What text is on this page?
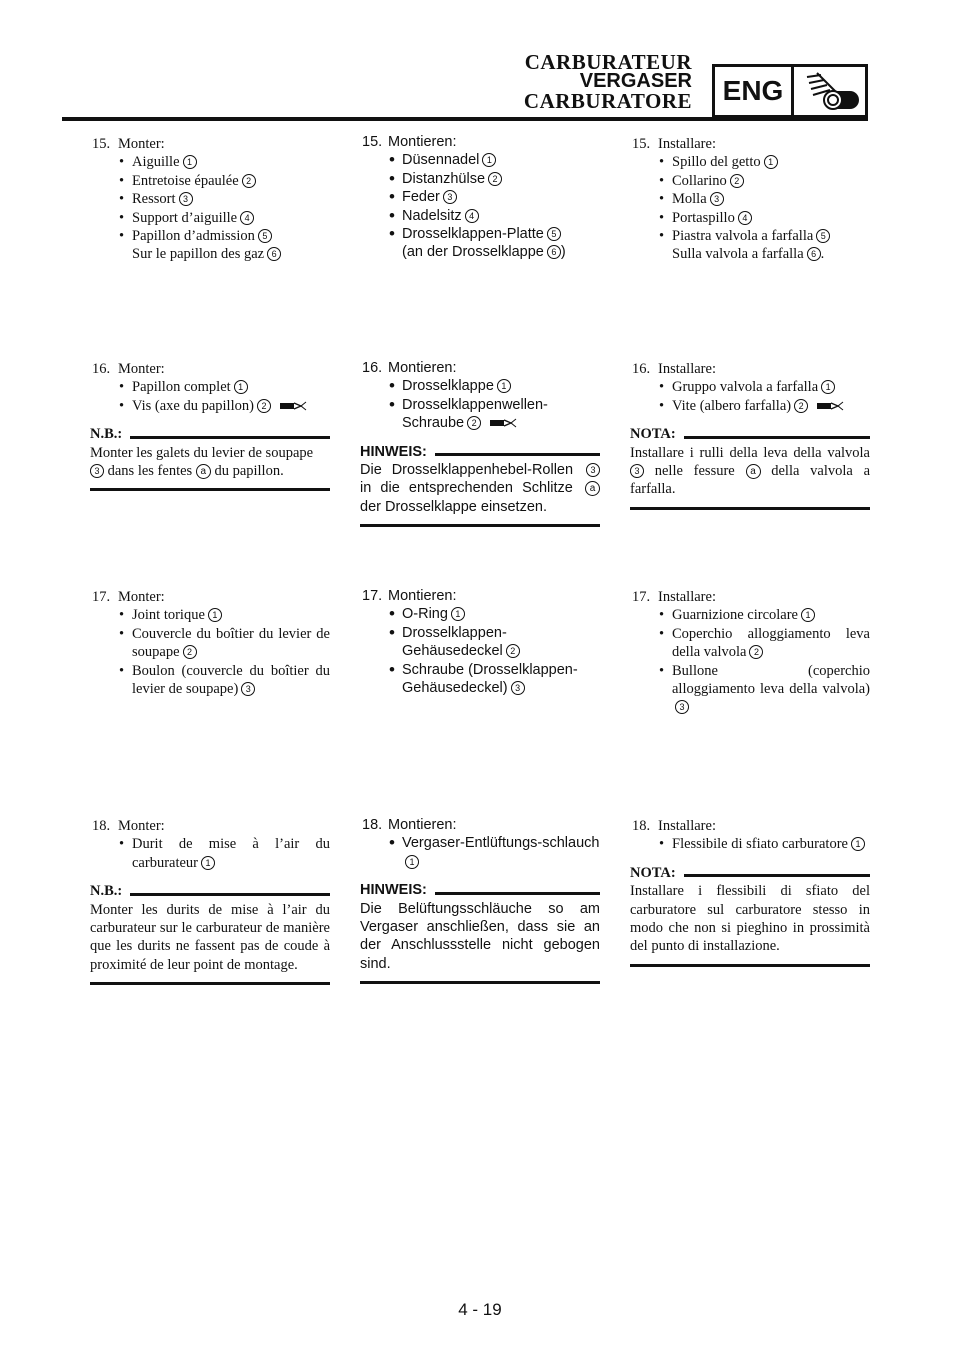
CARBURATEUR
VERGASER
CARBURATORE ENG
15. Monter:
• Aiguille 1
• Entretoise épaulée 2
• Ressort 3
• Support d’aiguille 4
• Papillon d’admission 5
Sur le papillon des gaz 6
16. Monter:
• Papillon complet 1
• Vis (axe du papillon) 2
N.B.:
Monter les galets du levier de soupape
3 dans les fentes a du papillon.
17. Monter:
• Joint torique 1
• Couvercle du boîtier du levier de soupape 2
• Boulon (couvercle du boîtier du levier de soupape) 3
18. Monter:
• Durit de mise à l’air du carburateur 1
N.B.:
Monter les durits de mise à l’air du carburateur sur le carburateur de manière que les durits ne fassent pas de coude à proximité de leur point de montage.
15. Montieren:
• Düsennadel 1
• Distanzhülse 2
• Feder 3
• Nadelsitz 4
• Drosselklappen-Platte 5
(an der Drosselklappe 6 )
16. Montieren:
• Drosselklappe 1
• Drosselklappenwellen-Schraube 2
HINWEIS:
Die Drosselklappenhebel-Rollen 3 in die entsprechenden Schlitze a der Drosselklappe einsetzen.
17. Montieren:
• O-Ring 1
• Drosselklappen-Gehäusedeckel 2
• Schraube (Drosselklappen-Gehäusedeckel) 3
18. Montieren:
• Vergaser-Entlüftungs-schlauch1
HINWEIS:
Die Belüftungsschläuche so am Vergaser anschließen, dass sie an der Anschlussstelle nicht gebogen sind.
15. Installare:
• Spillo del getto 1
• Collarino 2
• Molla 3
• Portaspillo 4
• Piastra valvola a farfalla 5
Sulla valvola a farfalla 6 .
16. Installare:
• Gruppo valvola a farfalla 1
• Vite (albero farfalla) 2
NOTA:
Installare i rulli della leva della valvola 3 nelle fessure a della valvola a farfalla.
17. Installare:
• Guarnizione circolare 1
• Coperchio alloggiamento leva della valvola 2
• Bullone (coperchio alloggiamento leva della valvola)3
18. Installare:
• Flessibile di sfiato carburatore 1
NOTA:
Installare i flessibili di sfiato del carburatore sul carburatore stesso in modo che non si pieghino in prossimità del punto di installazione.
4 - 19
